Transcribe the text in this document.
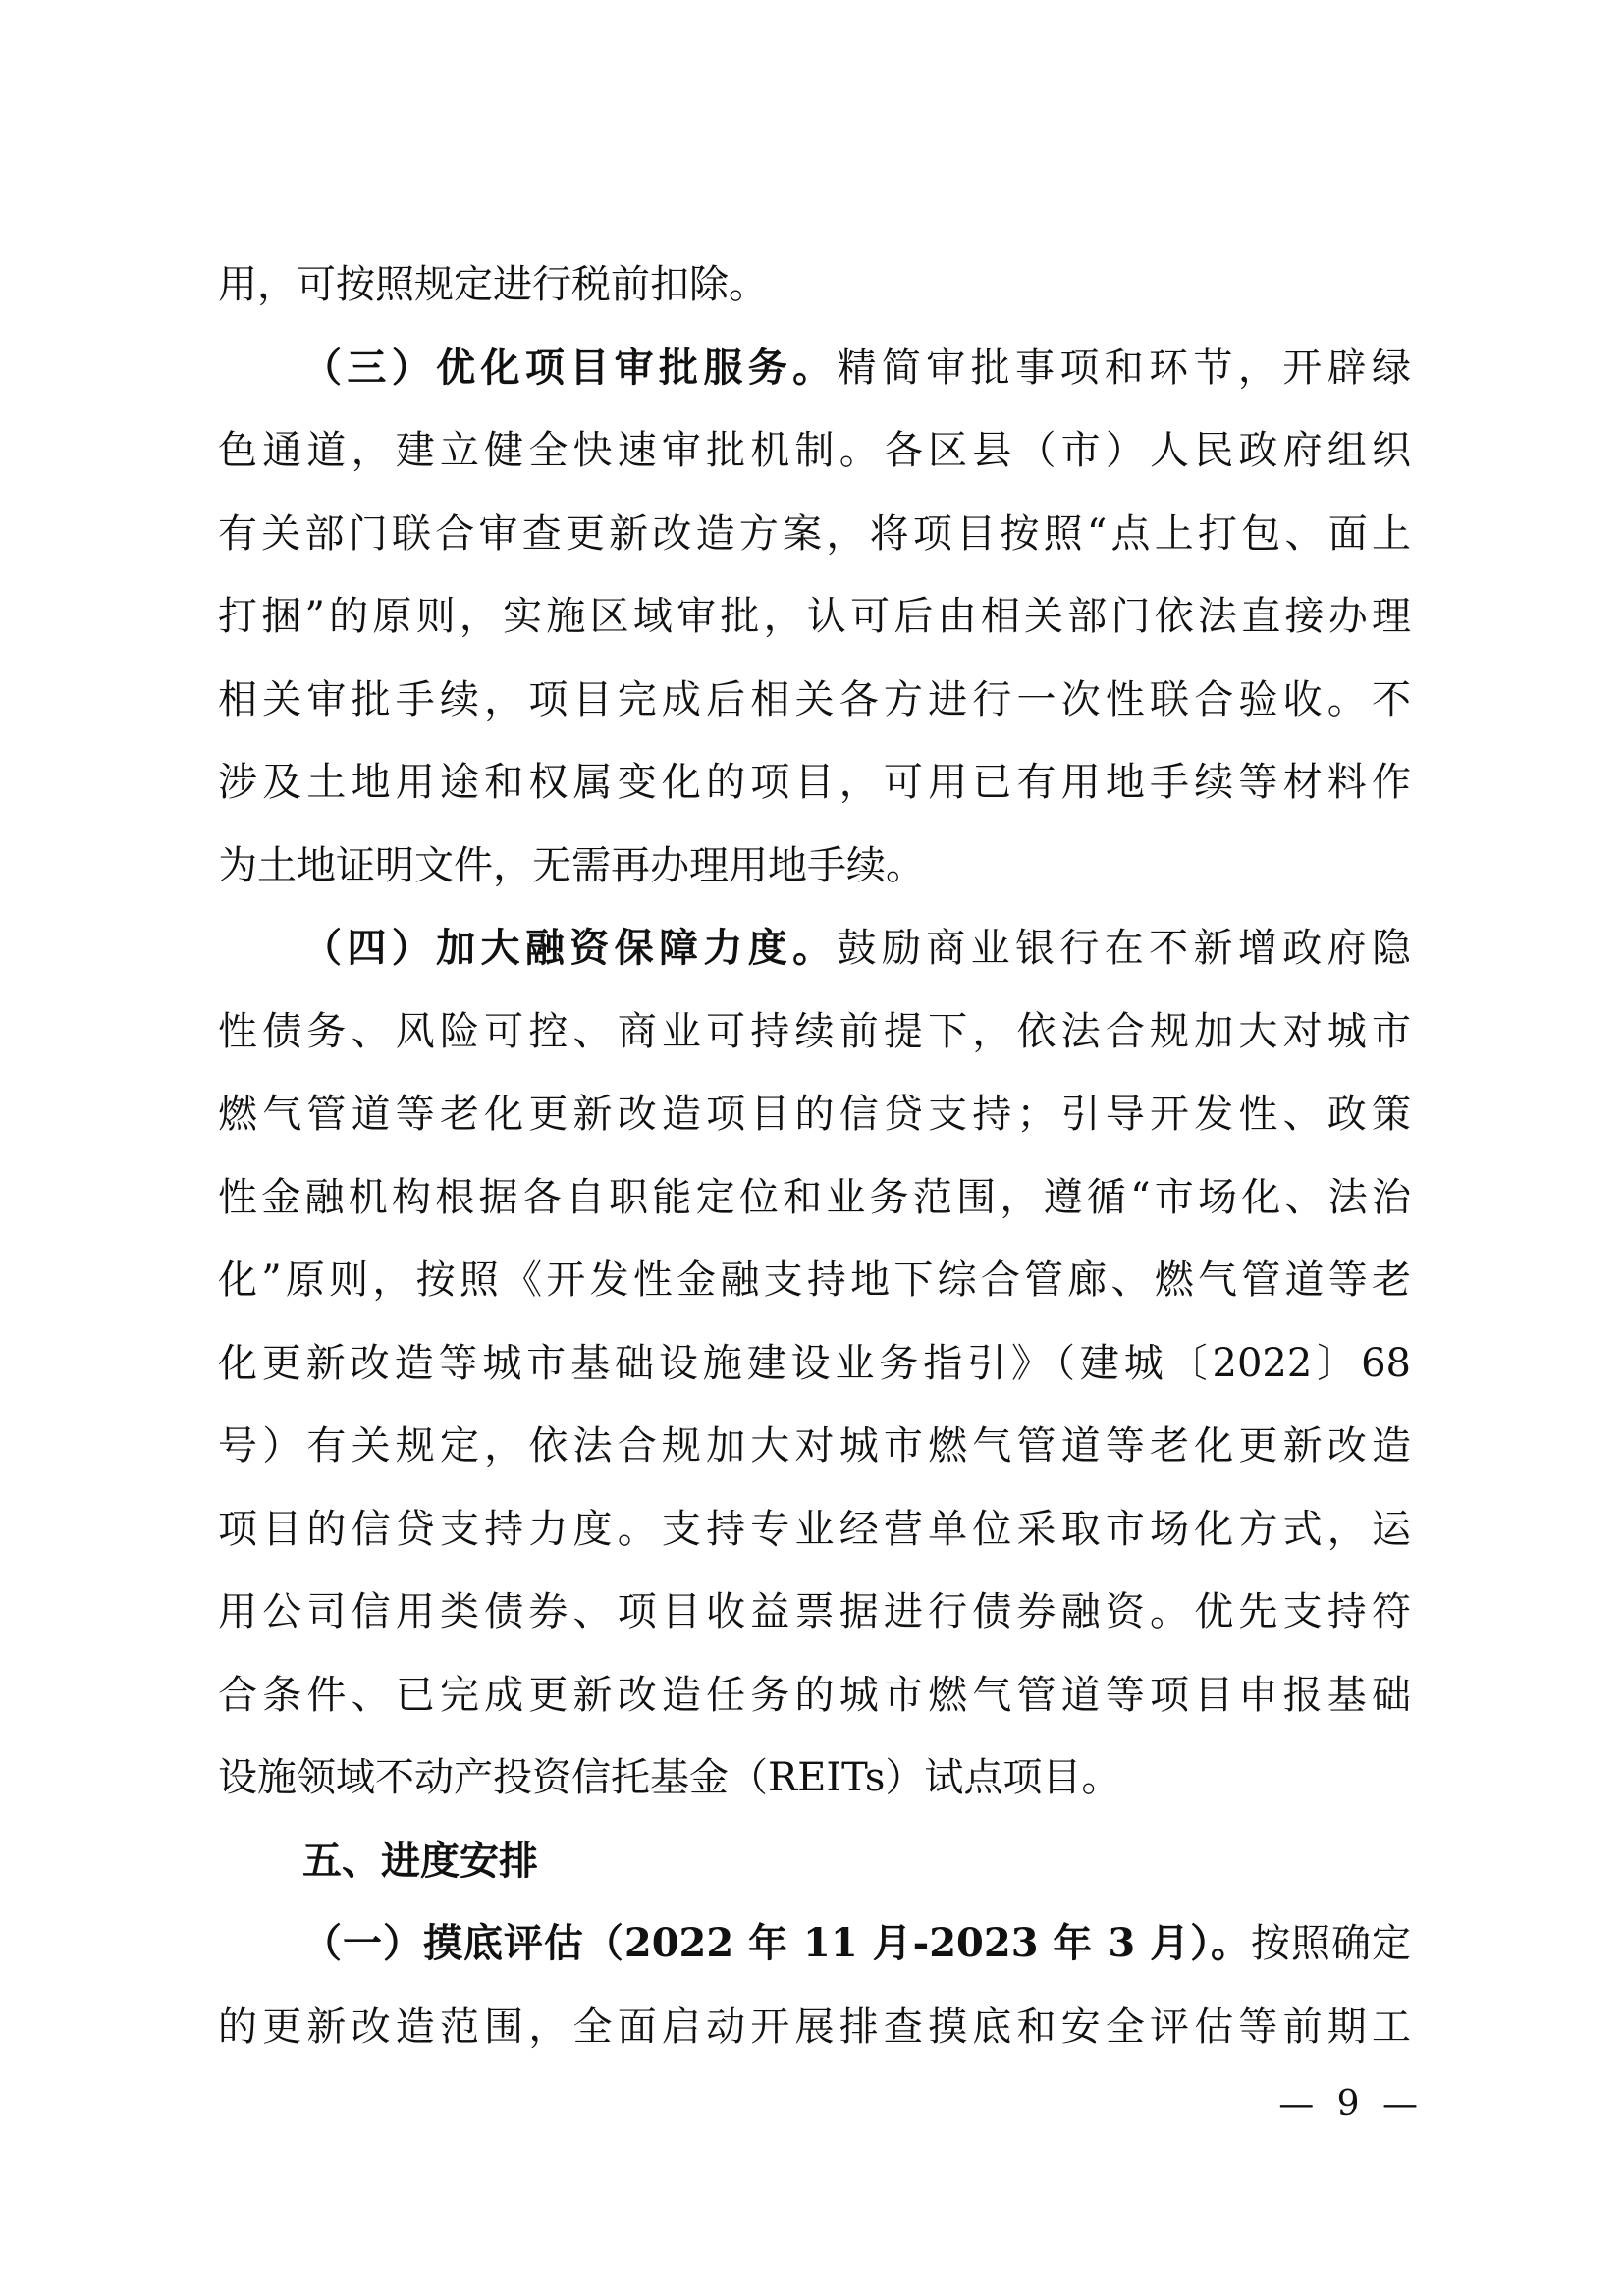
用，可按照规定进行税前扣除。
（三）优化项目审批服务。精简审批事项和环节，开辟绿
色通道，建立健全快速审批机制。各区县（市）人民政府组织
有关部门联合审查更新改造方案，将项目按照“点上打包、面上
打捆”的原则，实施区域审批，认可后由相关部门依法直接办理
相关审批手续，项目完成后相关各方进行一次性联合验收。不
涉及土地用途和权属变化的项目，可用已有用地手续等材料作
为土地证明文件，无需再办理用地手续。
（四）加大融资保障力度。鼓励商业银行在不新增政府隐
性债务、风险可控、商业可持续前提下，依法合规加大对城市
燃气管道等老化更新改造项目的信贷支持；引导开发性、政策
性金融机构根据各自职能定位和业务范围，遵循“市场化、法治
化”原则，按照《开发性金融支持地下综合管廊、燃气管道等老
化更新改造等城市基础设施建设业务指引》（建城〔2022〕68
号）有关规定，依法合规加大对城市燃气管道等老化更新改造
项目的信贷支持力度。支持专业经营单位采取市场化方式，运
用公司信用类债券、项目收益票据进行债券融资。优先支持符
合条件、已完成更新改造任务的城市燃气管道等项目申报基础
设施领域不动产投资信托基金（REITs）试点项目。
五、进度安排
（一）摸底评估（2022 年 11 月-2023 年 3 月）。按照确定
的更新改造范围，全面启动开展排查摸底和安全评估等前期工
— 9 —
